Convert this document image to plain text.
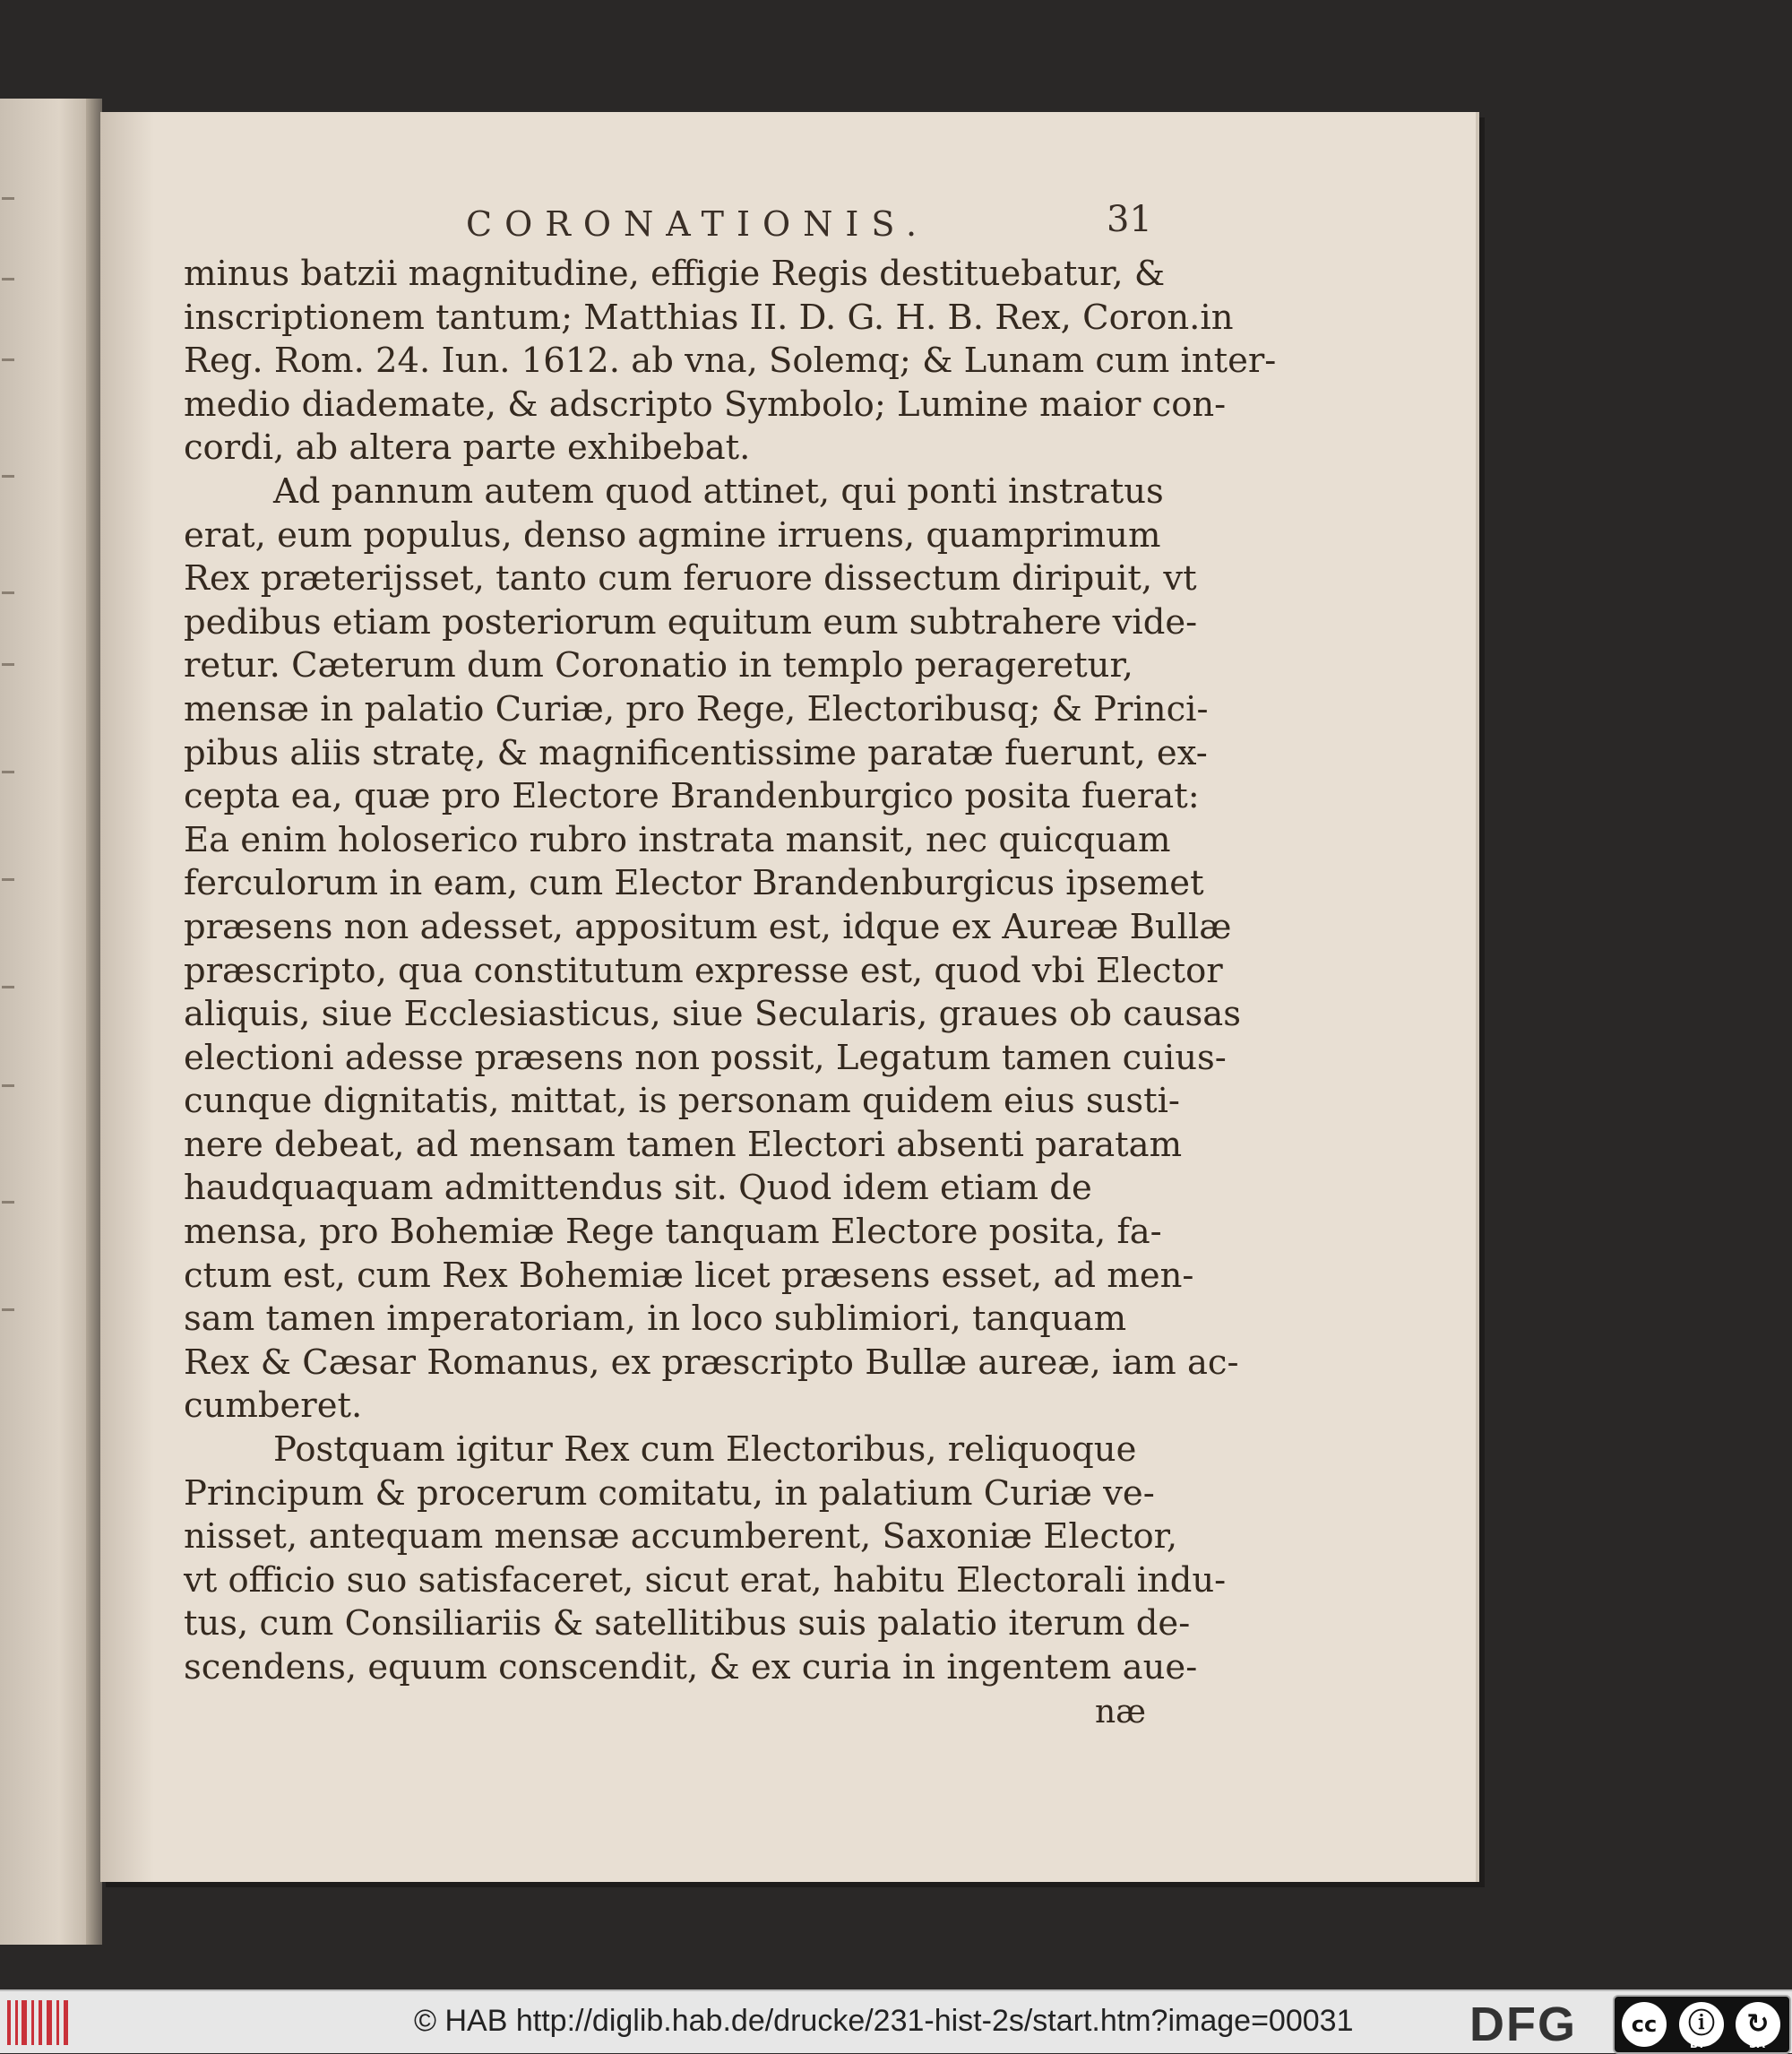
CORONATIONIS.	31
minus batzii magnitudine, effigie Regis destituebatur, &
inscriptionem tantum; Matthias II. D. G. H. B. Rex, Coron.in
Reg. Rom. 24. Iun. 1612. ab vna, Solemq; & Lunam cum inter-
medio diademate, & adscripto Symbolo; Lumine maior con-
cordi, ab altera parte exhibebat.
Ad pannum autem quod attinet, qui ponti instratus
erat, eum populus, denso agmine irruens, quamprimum
Rex præterijsset, tanto cum feruore dissectum diripuit, vt
pedibus etiam posteriorum equitum eum subtrahere vide-
retur. Cæterum dum Coronatio in templo perageretur,
mensæ in palatio Curiæ, pro Rege, Electoribusq; & Princi-
pibus aliis stratę, & magnificentissime paratæ fuerunt, ex-
cepta ea, quæ pro Electore Brandenburgico posita fuerat:
Ea enim holoserico rubro instrata mansit, nec quicquam
ferculorum in eam, cum Elector Brandenburgicus ipsemet
præsens non adesset, appositum est, idque ex Aureæ Bullæ
præscripto, qua constitutum expresse est, quod vbi Elector
aliquis, siue Ecclesiasticus, siue Secularis, graues ob causas
electioni adesse præsens non possit, Legatum tamen cuius-
cunque dignitatis, mittat, is personam quidem eius susti-
nere debeat, ad mensam tamen Electori absenti paratam
haudquaquam admittendus sit. Quod idem etiam de
mensa, pro Bohemiæ Rege tanquam Electore posita, fa-
ctum est, cum Rex Bohemiæ licet præsens esset, ad men-
sam tamen imperatoriam, in loco sublimiori, tanquam
Rex & Cæsar Romanus, ex præscripto Bullæ aureæ, iam ac-
cumberet.
Postquam igitur Rex cum Electoribus, reliquoque
Principum & procerum comitatu, in palatium Curiæ ve-
nisset, antequam mensæ accumberent, Saxoniæ Elector,
vt officio suo satisfaceret, sicut erat, habitu Electorali indu-
tus, cum Consiliariis & satellitibus suis palatio iterum de-
scendens, equum conscendit, & ex curia in ingentem aue-
næ
© HAB http://diglib.hab.de/drucke/231-hist-2s/start.htm?image=00031 DFG	cc	ⓘ	↻
BY	SA
